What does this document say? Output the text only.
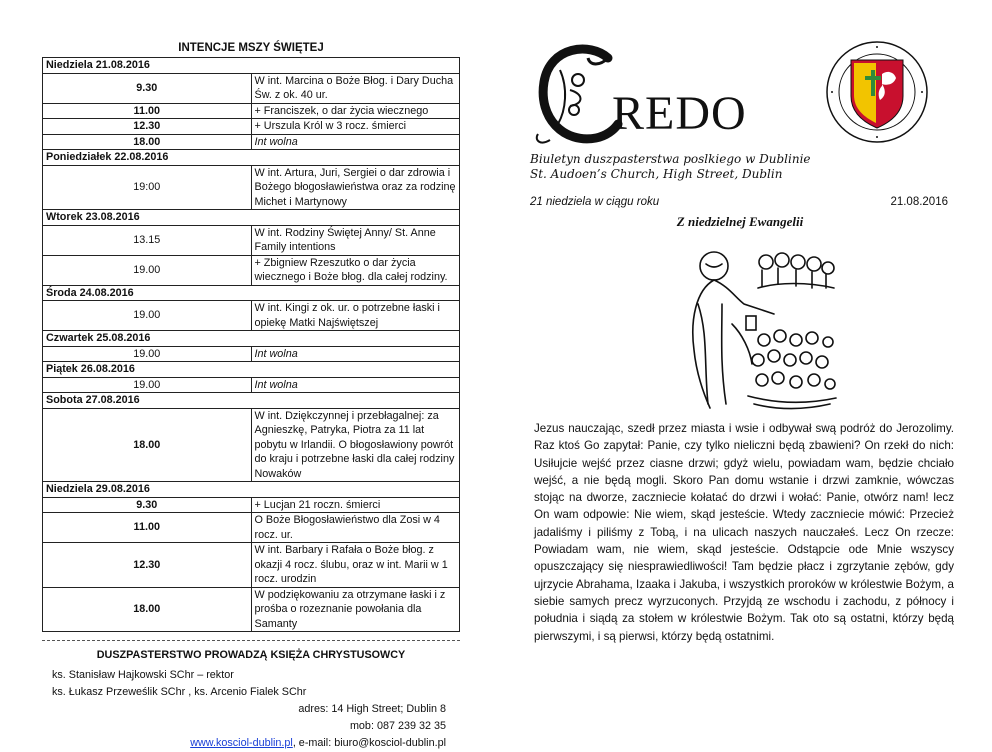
INTENCJE MSZY ŚWIĘTEJ
Niedziela 21.08.2016	
9.30	W int. Marcina o Boże Błog. i Dary Ducha Św. z ok. 40 ur.
11.00	+ Franciszek, o dar życia wiecznego
12.30	+ Urszula Król w 3 rocz. śmierci
18.00	Int wolna
Poniedziałek 22.08.2016	
19:00	W int. Artura, Juri, Sergiei o dar zdrowia i Bożego błogosławieństwa oraz za rodzinę Michet i Martynowy
Wtorek 23.08.2016	
13.15	W int. Rodziny Świętej Anny/ St. Anne Family intentions
19.00	+ Zbigniew Rzeszutko o dar życia wiecznego i Boże błog. dla całej rodziny.
Środa 24.08.2016	
19.00	W int. Kingi z ok. ur. o potrzebne łaski i opiekę Matki Najświętszej
Czwartek 25.08.2016	
19.00	Int wolna
Piątek 26.08.2016	
19.00	Int wolna
Sobota 27.08.2016	
18.00	W int. Dziękczynnej i przebłagalnej: za Agnieszkę, Patryka, Piotra za 11 lat pobytu w Irlandii. O błogosławiony powrót do kraju i potrzebne łaski dla całej rodziny Nowaków
Niedziela 29.08.2016	
9.30	+ Lucjan 21 roczn. śmierci
11.00	O Boże Błogosławieństwo dla Zosi w 4 rocz. ur.
12.30	W int. Barbary i Rafała o Boże błog. z okazji 4 rocz. ślubu, oraz w int. Marii w 1 rocz. urodzin
18.00	W podziękowaniu za otrzymane łaski i z prośba o rozeznanie powołania dla Samanty
DUSZPASTERSTWO PROWADZĄ KSIĘŻA CHRYSTUSOWCY
ks. Stanisław Hajkowski SChr – rektor
ks. Łukasz Przeweślik SChr , ks. Arcenio Fialek SChr
adres: 14 High Street; Dublin 8
mob: 087 239 32 35
www.kosciol-dublin.pl, e-mail: biuro@kosciol-dublin.pl
REDO
Biuletyn duszpasterstwa poslkiego w Dublinie
St. Audoen’s Church, High Street, Dublin
21 niedziela w ciągu roku	21.08.2016
Z niedzielnej Ewangelii
Jezus nauczając, szedł przez miasta i wsie i odbywał swą podróż do Jerozolimy. Raz ktoś Go zapytał: Panie, czy tylko nieliczni będą zbawieni? On rzekł do nich: Usiłujcie wejść przez ciasne drzwi; gdyż wielu, powiadam wam, będzie chciało wejść, a nie będą mogli. Skoro Pan domu wstanie i drzwi zamknie, wówczas stojąc na dworze, zaczniecie kołatać do drzwi i wołać: Panie, otwórz nam! lecz On wam odpowie: Nie wiem, skąd jesteście. Wtedy zaczniecie mówić: Przecież jadaliśmy i piliśmy z Tobą, i na ulicach naszych nauczałeś. Lecz On rzecze: Powiadam wam, nie wiem, skąd jesteście. Odstąpcie ode Mnie wszyscy opuszczający się niesprawiedliwości! Tam będzie płacz i zgrzytanie zębów, gdy ujrzycie Abrahama, Izaaka i Jakuba, i wszystkich proroków w królestwie Bożym, a siebie samych precz wyrzuconych. Przyjdą ze wschodu i zachodu, z północy i południa i siądą za stołem w królestwie Bożym. Tak oto są ostatni, którzy będą pierwszymi, i są pierwsi, którzy będą ostatnimi.
